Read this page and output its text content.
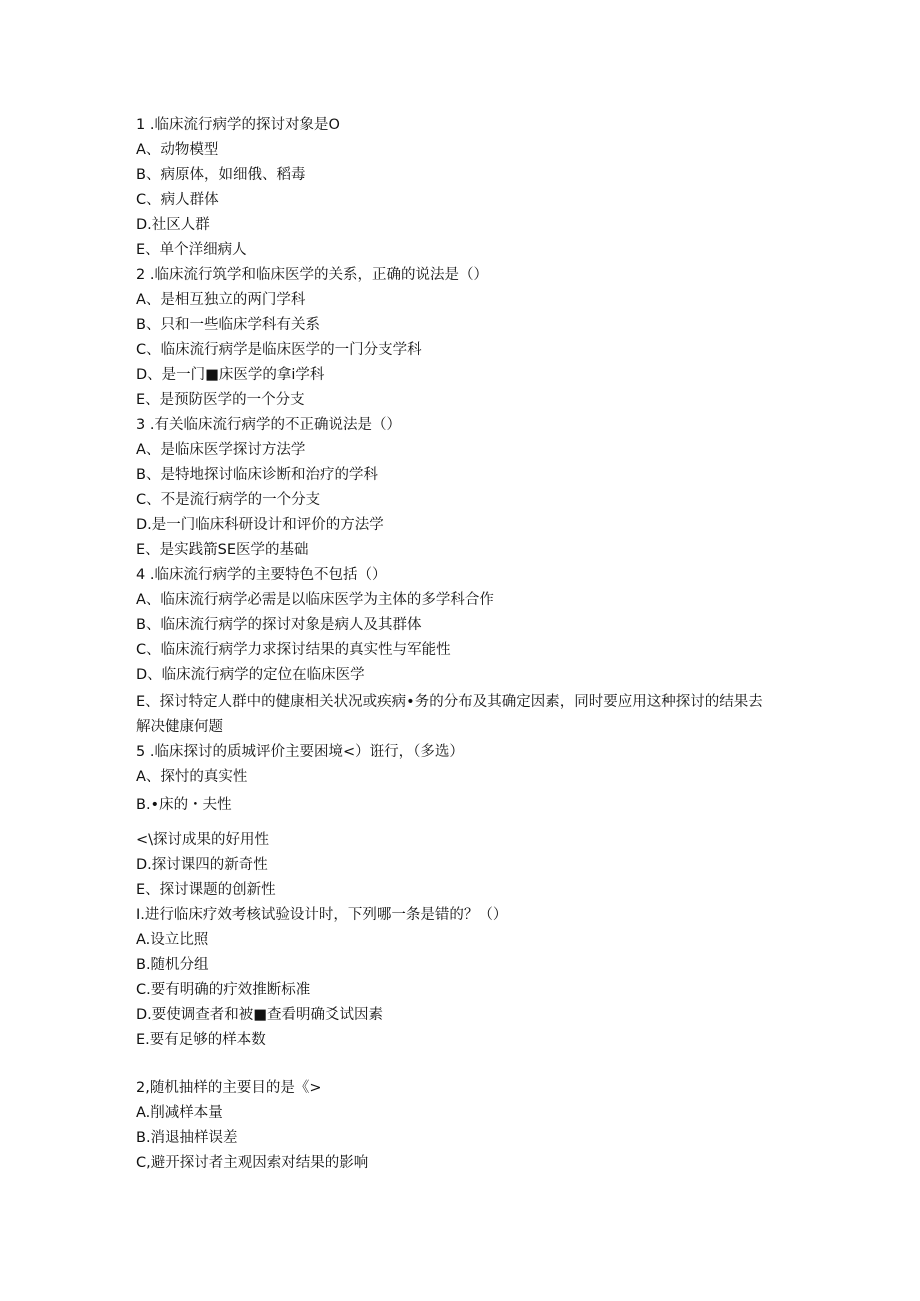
1 .临床流行病学的探讨对象是O
A、动物模型
B、病原体，如细俄、稻毒
C、病人群体
D.社区人群
E、单个洋细病人
2 .临床流行筑学和临床医学的关系，正确的说法是（）
A、是相互独立的两门学科
B、只和一些临床学科有关系
C、临床流行病学是临床医学的一门分支学科
D、是一门■床医学的拿i学科
E、是预防医学的一个分支
3 .有关临床流行病学的不正确说法是（）
A、是临床医学探讨方法学
B、是特地探讨临床诊断和治疗的学科
C、不是流行病学的一个分支
D.是一门临床科研设计和评价的方法学
E、是实践箭SE医学的基础
4 .临床流行病学的主要特色不包括（）
A、临床流行病学必需是以临床医学为主体的多学科合作
B、临床流行病学的探讨对象是病人及其群体
C、临床流行病学力求探讨结果的真实性与军能性
D、临床流行病学的定位在临床医学
E、探讨特定人群中的健康相关状况或疾病•务的分布及其确定因素，同时要应用这种探讨的结果去解决健康何题
5 .临床探讨的质城评价主要困境<）诳行，（多选）
A、探忖的真实性
B.•床的・夫性
<\探讨成果的好用性
D.探讨课四的新奇性
E、探讨课题的创新性
I.进行临床疗效考核试验设计时，下列哪一条是错的？（）
A.设立比照
B.随机分组
C.要有明确的疔效推断标准
D.要使调查者和被■查看明确爻试因素
E.要有足够的样本数
2,随机抽样的主要目的是《>
A.削减样本量
B.消退抽样误差
C,避开探讨者主观因索对结果的影响
